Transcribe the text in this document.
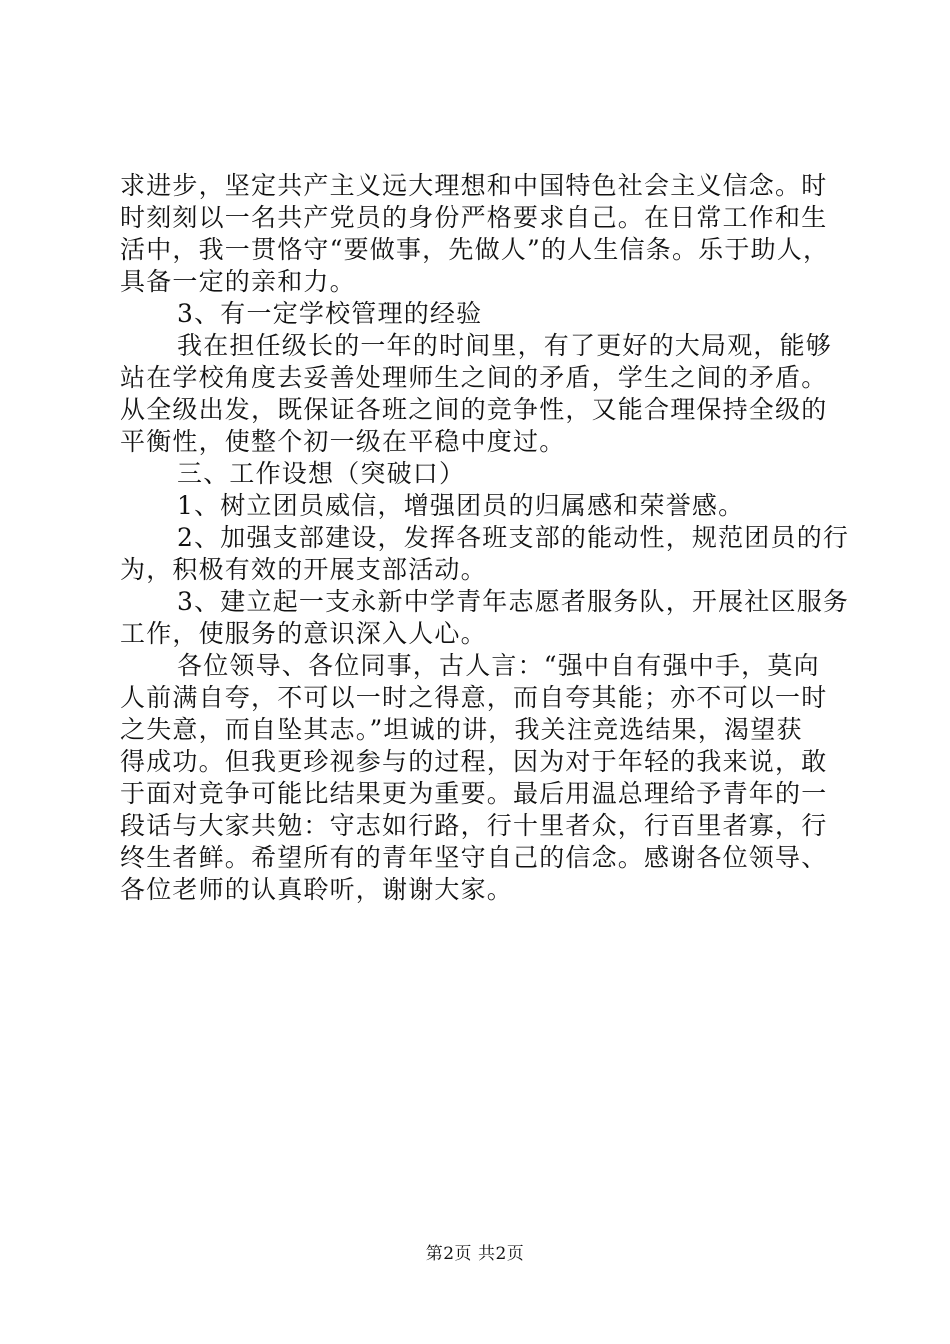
求进步，坚定共产主义远大理想和中国特色社会主义信念。时
时刻刻以一名共产党员的身份严格要求自己。在日常工作和生
活中，我一贯恪守“要做事，先做人”的人生信条。乐于助人，
具备一定的亲和力。
3、有一定学校管理的经验
我在担任级长的一年的时间里，有了更好的大局观，能够
站在学校角度去妥善处理师生之间的矛盾，学生之间的矛盾。
从全级出发，既保证各班之间的竞争性，又能合理保持全级的
平衡性，使整个初一级在平稳中度过。
三、工作设想（突破口）
1、树立团员威信，增强团员的归属感和荣誉感。
2、加强支部建设，发挥各班支部的能动性，规范团员的行
为，积极有效的开展支部活动。
3、建立起一支永新中学青年志愿者服务队，开展社区服务
工作，使服务的意识深入人心。
各位领导、各位同事，古人言：“强中自有强中手，莫向
人前满自夸，不可以一时之得意，而自夸其能；亦不可以一时
之失意，而自坠其志。”坦诚的讲，我关注竞选结果，渴望获
得成功。但我更珍视参与的过程，因为对于年轻的我来说，敢
于面对竞争可能比结果更为重要。最后用温总理给予青年的一
段话与大家共勉：守志如行路，行十里者众，行百里者寡，行
终生者鲜。希望所有的青年坚守自己的信念。感谢各位领导、
各位老师的认真聆听，谢谢大家。
第2页 共2页
